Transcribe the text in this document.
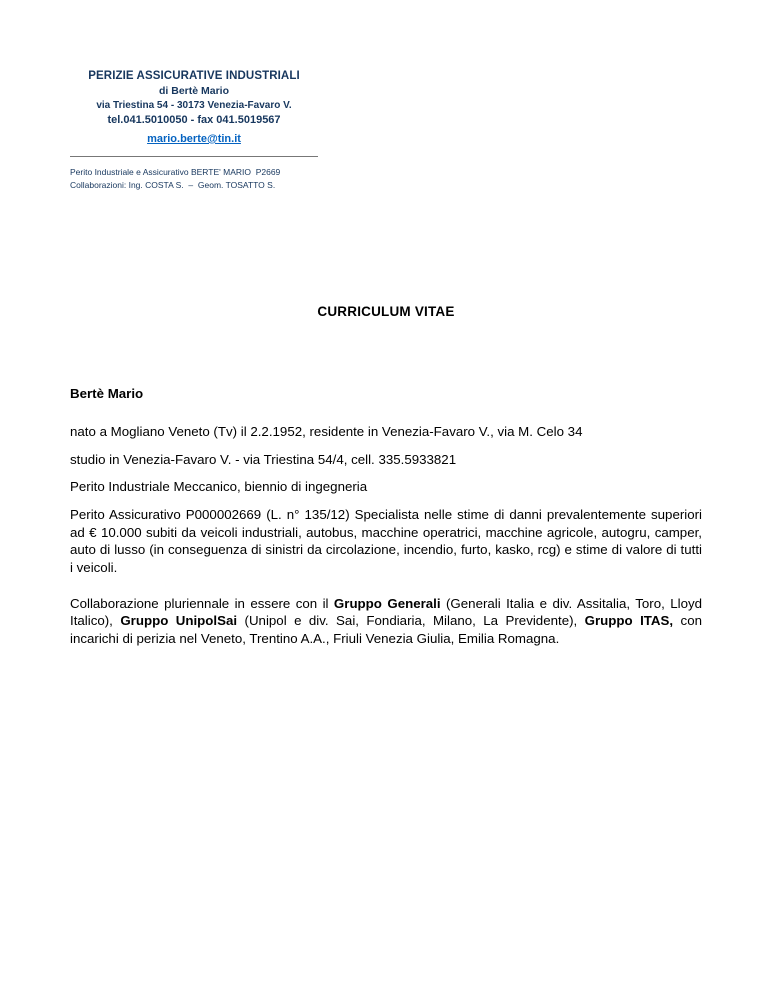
PERIZIE ASSICURATIVE INDUSTRIALI
di Bertè Mario
via Triestina 54 - 30173 Venezia-Favaro V.
tel.041.5010050 - fax 041.5019567
mario.berte@tin.it
Perito Industriale e Assicurativo BERTE' MARIO  P2669
Collaborazioni: Ing. COSTA S.  –  Geom. TOSATTO S.
CURRICULUM VITAE

Bertè Mario

nato a Mogliano Veneto (Tv) il 2.2.1952, residente in Venezia-Favaro V., via M. Celo 34

studio in Venezia-Favaro V. - via Triestina 54/4, cell. 335.5933821

Perito Industriale Meccanico, biennio di ingegneria

Perito Assicurativo P000002669 (L. n° 135/12) Specialista nelle stime di danni prevalentemente superiori ad € 10.000 subiti da veicoli industriali, autobus, macchine operatrici, macchine agricole, autogru, camper, auto di lusso (in conseguenza di sinistri da circolazione, incendio, furto, kasko, rcg) e stime di valore di tutti i veicoli.

Collaborazione pluriennale in essere con il Gruppo Generali (Generali Italia e div. Assitalia, Toro, Lloyd Italico), Gruppo UnipolSai (Unipol e div. Sai, Fondiaria, Milano, La Previdente), Gruppo ITAS, con incarichi di perizia nel Veneto, Trentino A.A., Friuli Venezia Giulia, Emilia Romagna.
